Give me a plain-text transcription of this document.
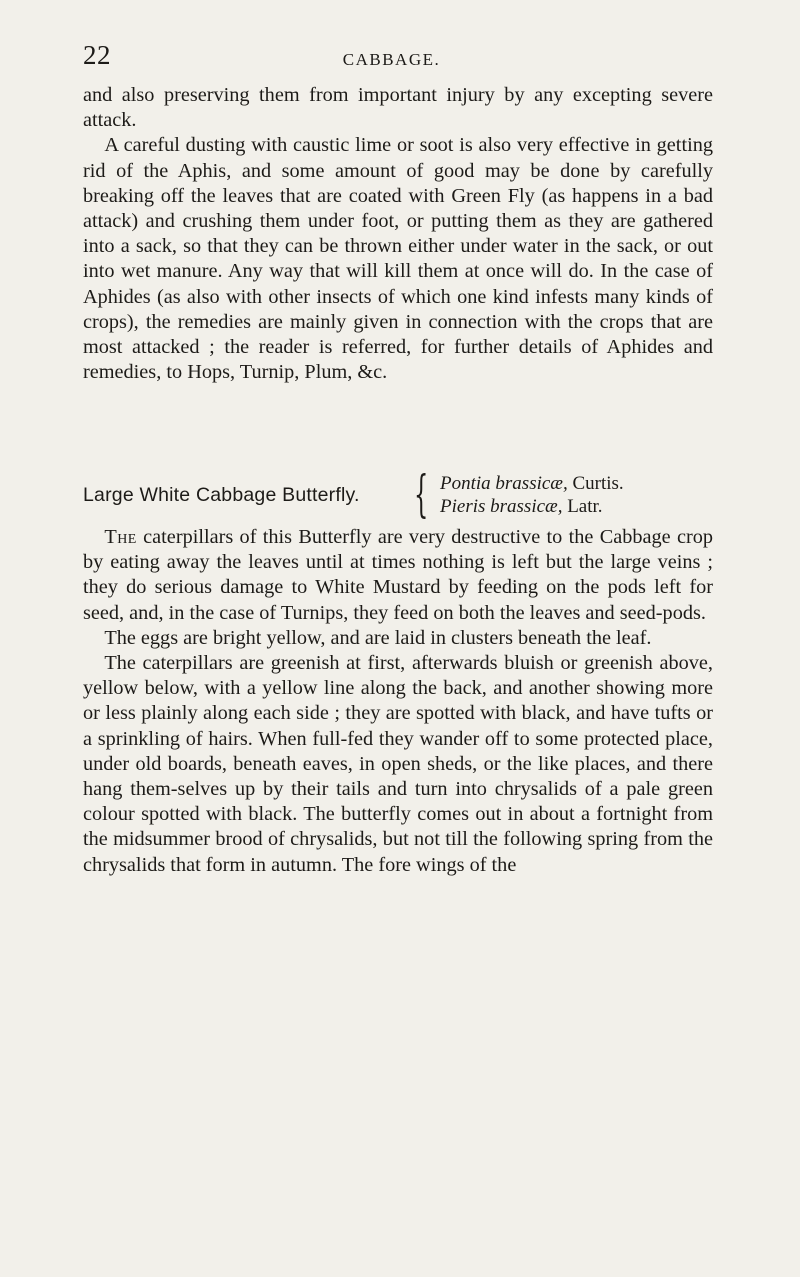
22	CABBAGE.

and also preserving them from important injury by any excepting severe attack.

A careful dusting with caustic lime or soot is also very effective in getting rid of the Aphis, and some amount of good may be done by carefully breaking off the leaves that are coated with Green Fly (as happens in a bad attack) and crushing them under foot, or putting them as they are gathered into a sack, so that they can be thrown either under water in the sack, or out into wet manure. Any way that will kill them at once will do. In the case of Aphides (as also with other insects of which one kind infests many kinds of crops), the remedies are mainly given in connection with the crops that are most attacked ; the reader is referred, for further details of Aphides and remedies, to Hops, Turnip, Plum, &c.

Large White Cabbage Butterfly. { Pontia brassicæ, Curtis.
Pieris brassicæ, Latr.

The caterpillars of this Butterfly are very destructive to the Cabbage crop by eating away the leaves until at times nothing is left but the large veins ; they do serious damage to White Mustard by feeding on the pods left for seed, and, in the case of Turnips, they feed on both the leaves and seed-pods.

The eggs are bright yellow, and are laid in clusters beneath the leaf.

The caterpillars are greenish at first, afterwards bluish or greenish above, yellow below, with a yellow line along the back, and another showing more or less plainly along each side ; they are spotted with black, and have tufts or a sprinkling of hairs. When full-fed they wander off to some protected place, under old boards, beneath eaves, in open sheds, or the like places, and there hang them-selves up by their tails and turn into chrysalids of a pale green colour spotted with black. The butterfly comes out in about a fortnight from the midsummer brood of chrysalids, but not till the following spring from the chrysalids that form in autumn. The fore wings of the
